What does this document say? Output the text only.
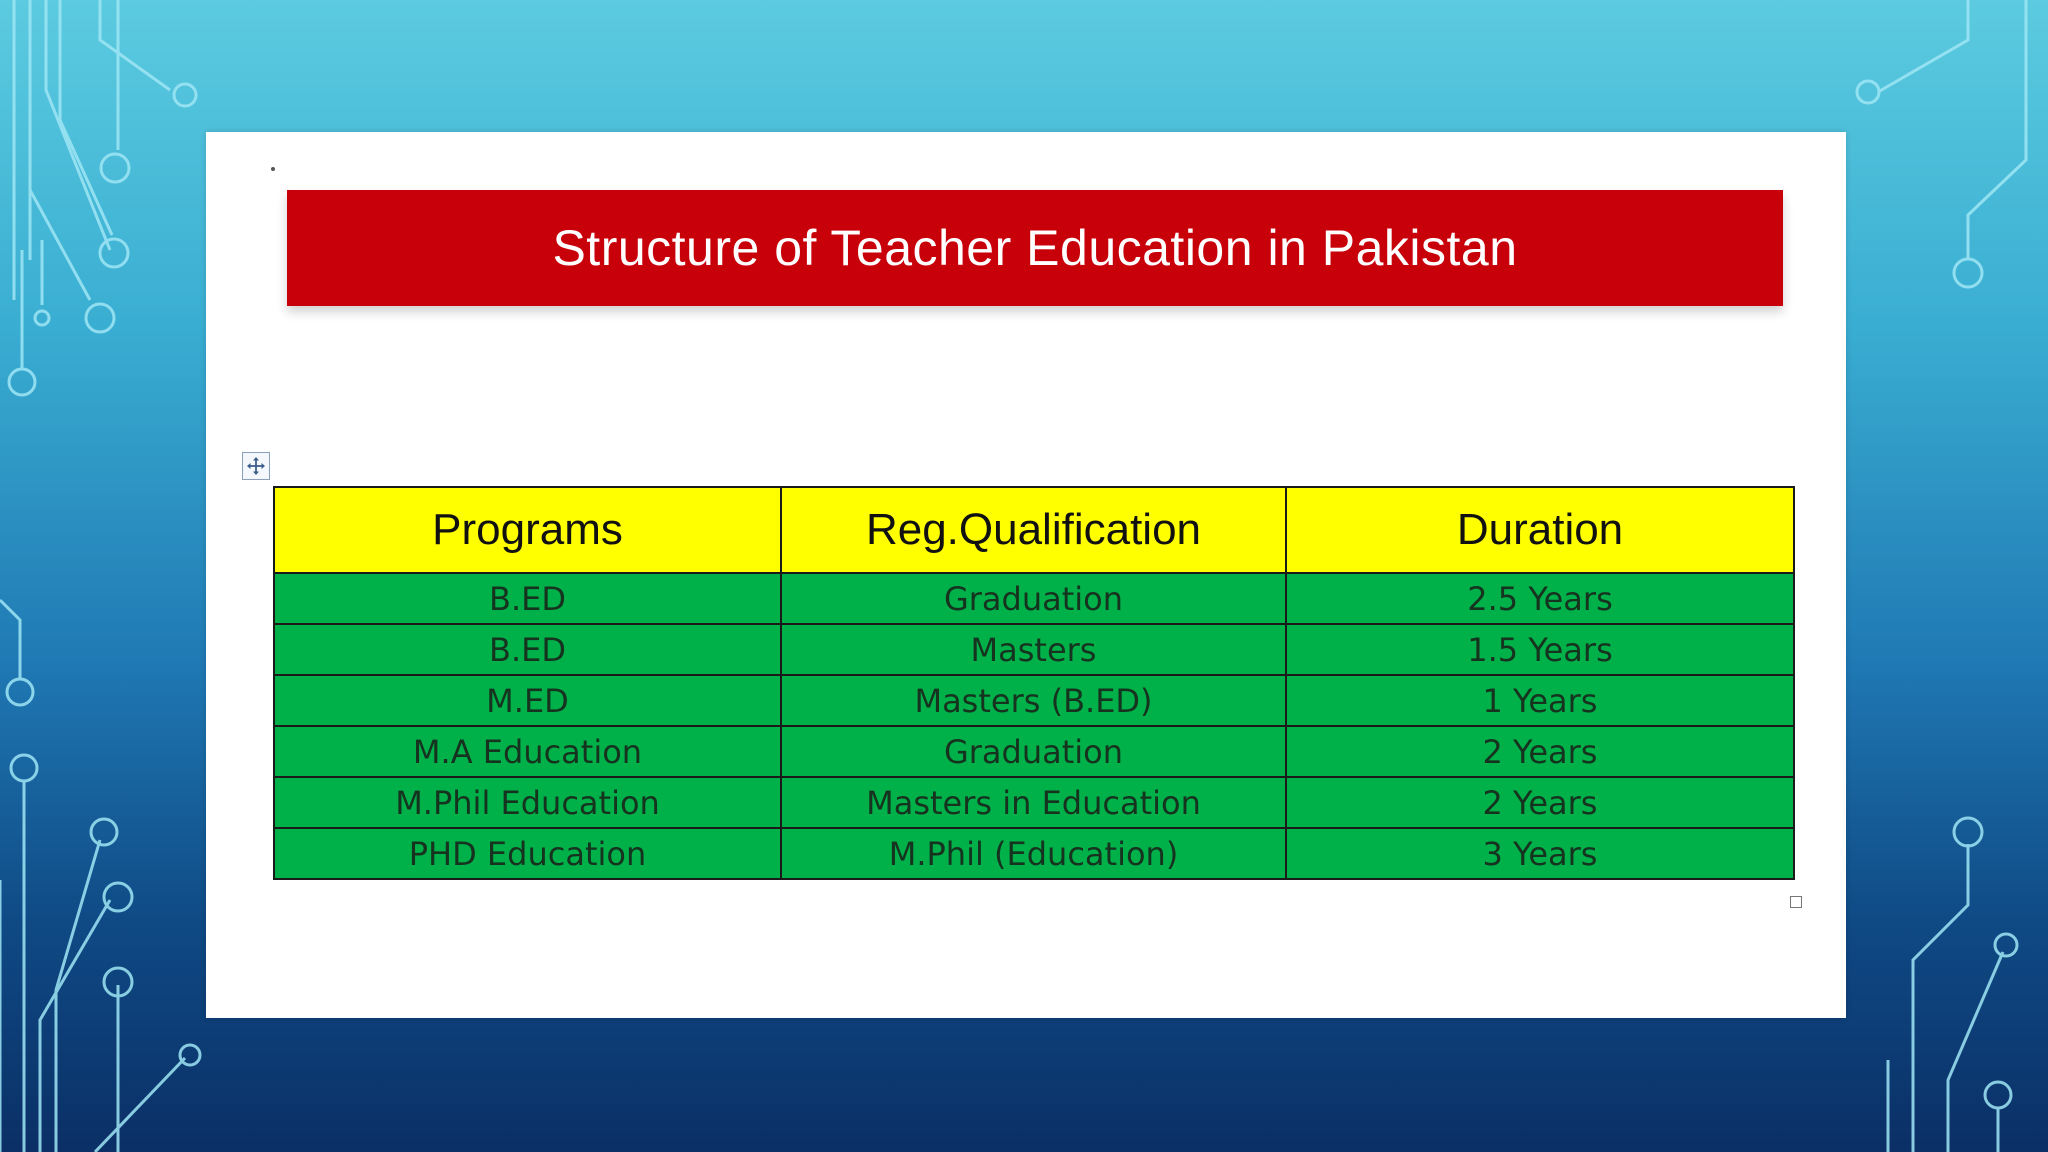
Structure of Teacher Education in Pakistan
Programs	Reg.Qualification	Duration
B.ED	Graduation	2.5 Years
B.ED	Masters	1.5 Years
M.ED	Masters (B.ED)	1 Years
M.A Education	Graduation	2 Years
M.Phil Education	Masters in Education	2 Years
PHD Education	M.Phil (Education)	3 Years
